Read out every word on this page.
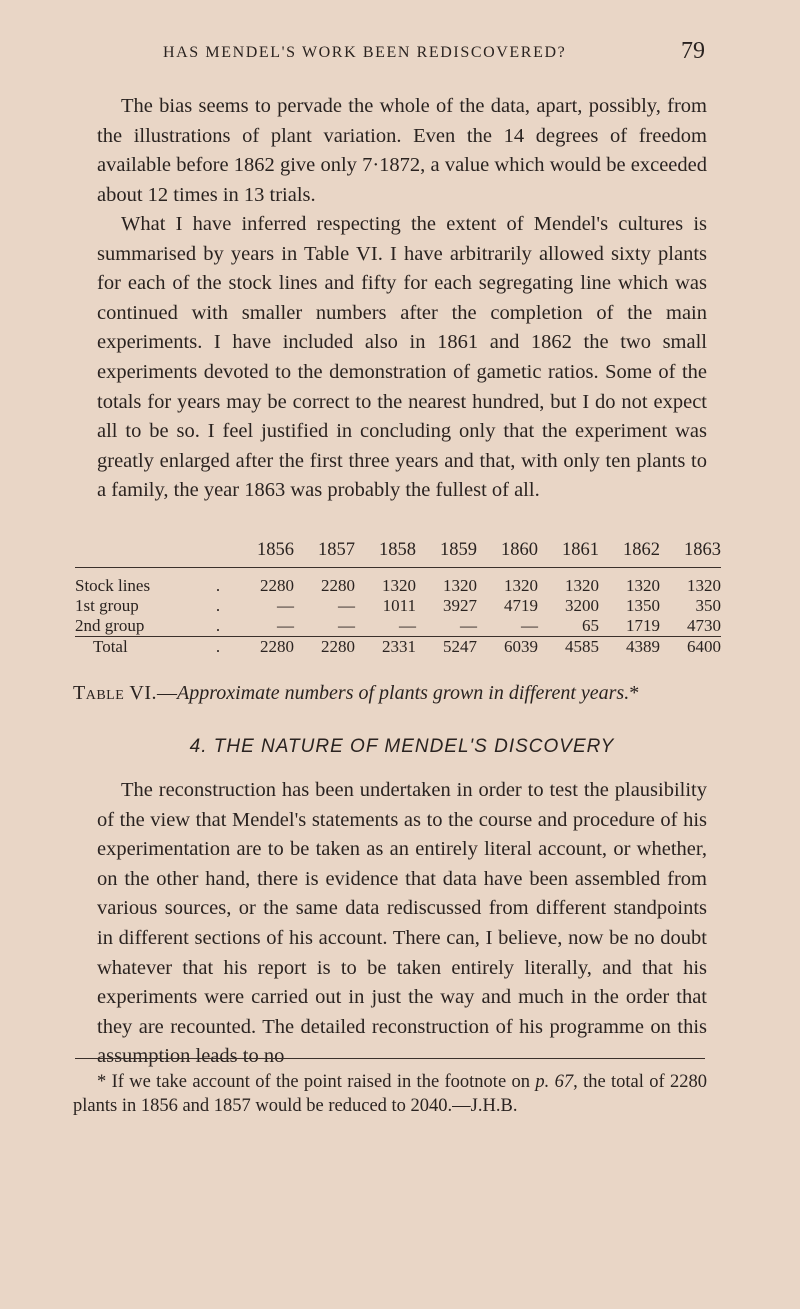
HAS MENDEL'S WORK BEEN REDISCOVERED?	79

The bias seems to pervade the whole of the data, apart, possibly, from the illustrations of plant variation. Even the 14 degrees of freedom available before 1862 give only 7·1872, a value which would be exceeded about 12 times in 13 trials.

What I have inferred respecting the extent of Mendel's cultures is summarised by years in Table VI. I have arbitrarily allowed sixty plants for each of the stock lines and fifty for each segregating line which was continued with smaller numbers after the completion of the main experiments. I have included also in 1861 and 1862 the two small experiments devoted to the demonstration of gametic ratios. Some of the totals for years may be correct to the nearest hundred, but I do not expect all to be so. I feel justified in concluding only that the experiment was greatly enlarged after the first three years and that, with only ten plants to a family, the year 1863 was probably the fullest of all.

		1856	1857	1858	1859	1860	1861	1862	1863

Stock lines	.	2280	2280	1320	1320	1320	1320	1320	1320
1st group	.	—	—	1011	3927	4719	3200	1350	350
2nd group	.	—	—	—	—	—	65	1719	4730
Total	.	2280	2280	2331	5247	6039	4585	4389	6400
Table VI.—Approximate numbers of plants grown in different years.*
4. THE NATURE OF MENDEL'S DISCOVERY

The reconstruction has been undertaken in order to test the plausibility of the view that Mendel's statements as to the course and procedure of his experimentation are to be taken as an entirely literal account, or whether, on the other hand, there is evidence that data have been assembled from various sources, or the same data rediscussed from different standpoints in different sections of his account. There can, I believe, now be no doubt whatever that his report is to be taken entirely literally, and that his experiments were carried out in just the way and much in the order that they are recounted. The detailed reconstruction of his programme on this assumption leads to no

* If we take account of the point raised in the footnote on p. 67, the total of 2280 plants in 1856 and 1857 would be reduced to 2040.—J.H.B.
